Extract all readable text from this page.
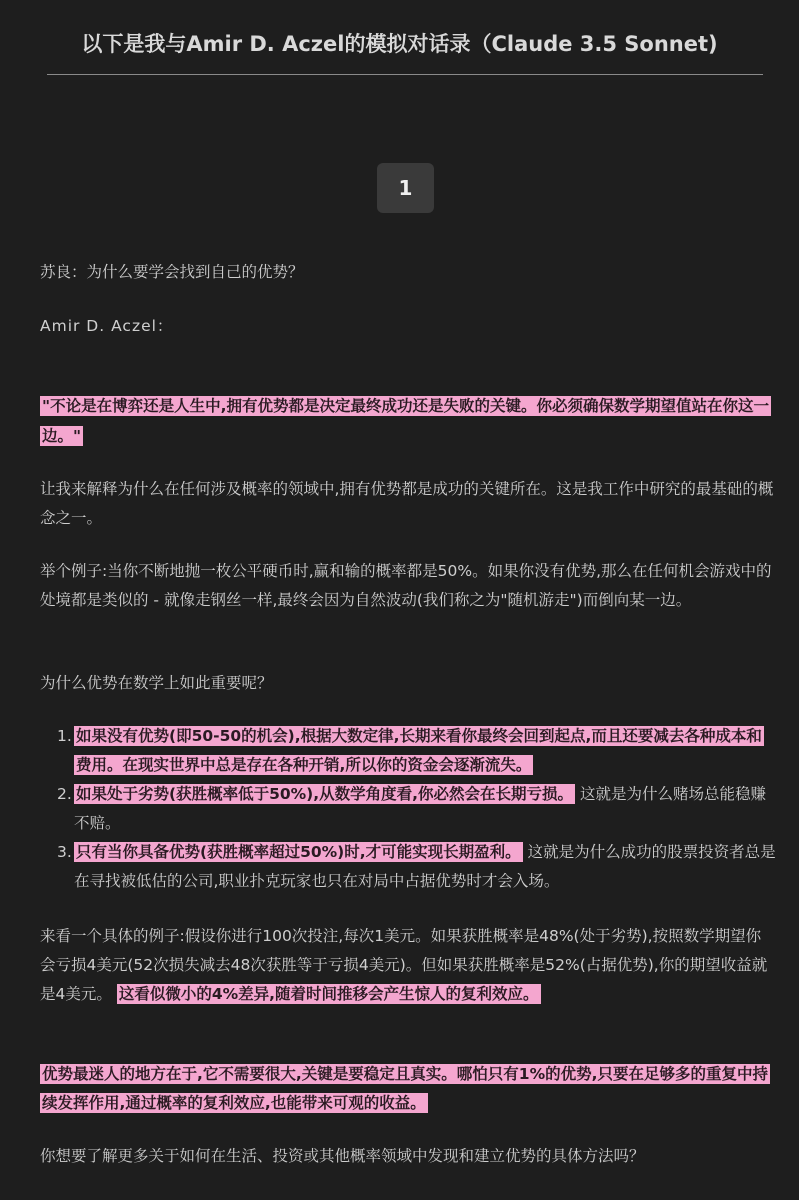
以下是我与Amir D. Aczel的模拟对话录（Claude 3.5 Sonnet)
1
苏良：为什么要学会找到自己的优势？
Amir D. Aczel：
"不论是在博弈还是人生中,拥有优势都是决定最终成功还是失败的关键。你必须确保数学期望值站在你这一边。"
让我来解释为什么在任何涉及概率的领域中,拥有优势都是成功的关键所在。这是我工作中研究的最基础的概念之一。
举个例子:当你不断地抛一枚公平硬币时,赢和输的概率都是50%。如果你没有优势,那么在任何机会游戏中的处境都是类似的 - 就像走钢丝一样,最终会因为自然波动(我们称之为"随机游走")而倒向某一边。
为什么优势在数学上如此重要呢？
1. 如果没有优势(即50-50的机会),根据大数定律,长期来看你最终会回到起点,而且还要减去各种成本和费用。在现实世界中总是存在各种开销,所以你的资金会逐渐流失。
2. 如果处于劣势(获胜概率低于50%),从数学角度看,你必然会在长期亏损。 这就是为什么赌场总能稳赚不赔。
3. 只有当你具备优势(获胜概率超过50%)时,才可能实现长期盈利。 这就是为什么成功的股票投资者总是在寻找被低估的公司,职业扑克玩家也只在对局中占据优势时才会入场。
来看一个具体的例子:假设你进行100次投注,每次1美元。如果获胜概率是48%(处于劣势),按照数学期望你会亏损4美元(52次损失减去48次获胜等于亏损4美元)。但如果获胜概率是52%(占据优势),你的期望收益就是4美元。 这看似微小的4%差异,随着时间推移会产生惊人的复利效应。
优势最迷人的地方在于,它不需要很大,关键是要稳定且真实。哪怕只有1%的优势,只要在足够多的重复中持续发挥作用,通过概率的复利效应,也能带来可观的收益。
你想要了解更多关于如何在生活、投资或其他概率领域中发现和建立优势的具体方法吗？
